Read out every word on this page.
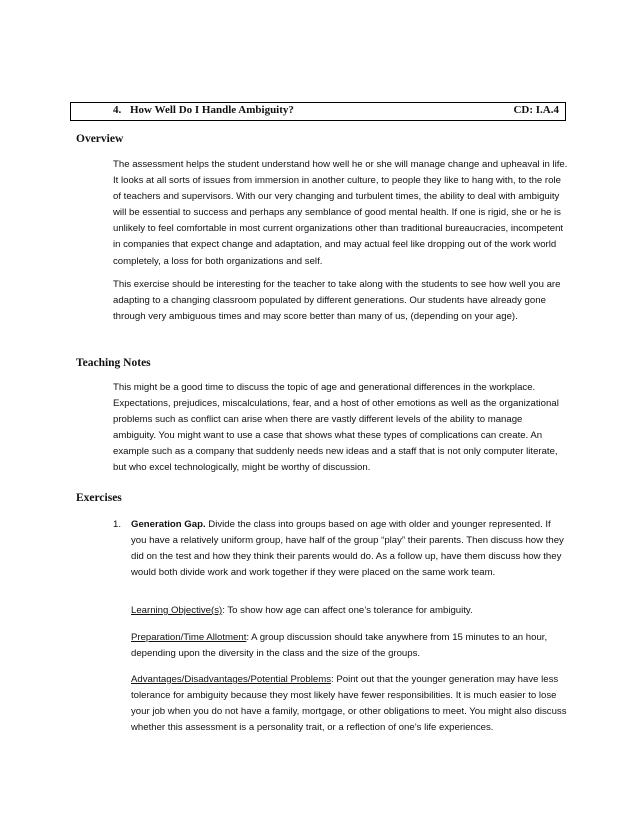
4. How Well Do I Handle Ambiguity?	CD: I.A.4
Overview

The assessment helps the student understand how well he or she will manage change and upheaval in life. It looks at all sorts of issues from immersion in another culture, to people they like to hang with, to the role of teachers and supervisors. With our very changing and turbulent times, the ability to deal with ambiguity will be essential to success and perhaps any semblance of good mental health. If one is rigid, she or he is unlikely to feel comfortable in most current organizations other than traditional bureaucracies, incompetent in companies that expect change and adaptation, and may actual feel like dropping out of the work world completely, a loss for both organizations and self.

This exercise should be interesting for the teacher to take along with the students to see how well you are adapting to a changing classroom populated by different generations. Our students have already gone through very ambiguous times and may score better than many of us, (depending on your age).

Teaching Notes

This might be a good time to discuss the topic of age and generational differences in the workplace. Expectations, prejudices, miscalculations, fear, and a host of other emotions as well as the organizational problems such as conflict can arise when there are vastly different levels of the ability to manage ambiguity. You might want to use a case that shows what these types of complications can create. An example such as a company that suddenly needs new ideas and a staff that is not only computer literate, but who excel technologically, might be worthy of discussion.

Exercises
1. Generation Gap. Divide the class into groups based on age with older and younger represented. If you have a relatively uniform group, have half of the group “play” their parents. Then discuss how they did on the test and how they think their parents would do. As a follow up, have them discuss how they would both divide work and work together if they were placed on the same work team.

Learning Objective(s): To show how age can affect one’s tolerance for ambiguity.

Preparation/Time Allotment: A group discussion should take anywhere from 15 minutes to an hour, depending upon the diversity in the class and the size of the groups.

Advantages/Disadvantages/Potential Problems: Point out that the younger generation may have less tolerance for ambiguity because they most likely have fewer responsibilities. It is much easier to lose your job when you do not have a family, mortgage, or other obligations to meet. You might also discuss whether this assessment is a personality trait, or a reflection of one’s life experiences.
